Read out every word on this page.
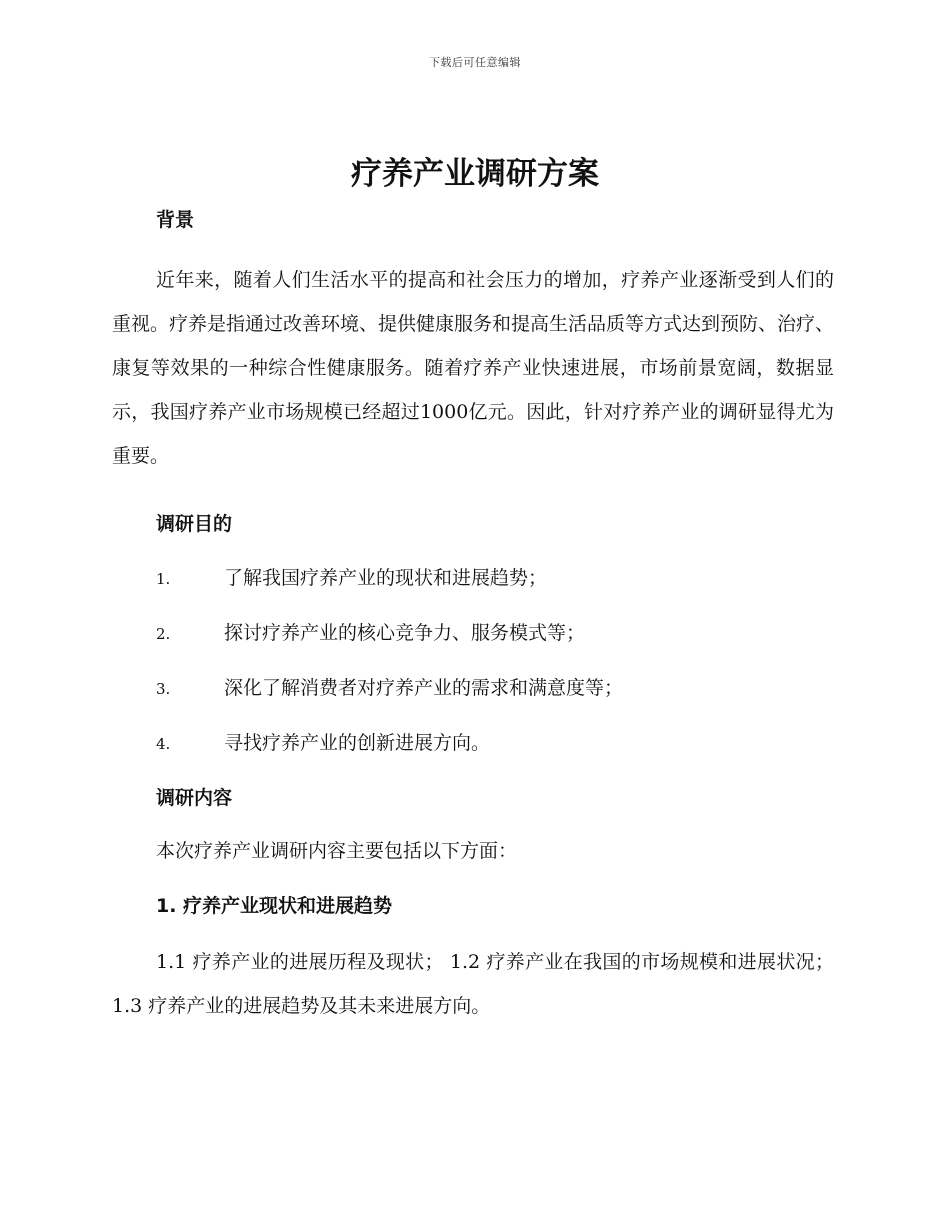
下载后可任意编辑
疗养产业调研方案
背景

近年来，随着人们生活水平的提高和社会压力的增加，疗养产业逐渐受到人们的重视。疗养是指通过改善环境、提供健康服务和提高生活品质等方式达到预防、治疗、康复等效果的一种综合性健康服务。随着疗养产业快速进展，市场前景宽阔，数据显示，我国疗养产业市场规模已经超过1000亿元。因此，针对疗养产业的调研显得尤为重要。

调研目的
1.	了解我国疗养产业的现状和进展趋势；
2.	探讨疗养产业的核心竞争力、服务模式等；
3.	深化了解消费者对疗养产业的需求和满意度等；
4.	寻找疗养产业的创新进展方向。
调研内容

本次疗养产业调研内容主要包括以下方面：

1. 疗养产业现状和进展趋势

1.1 疗养产业的进展历程及现状； 1.2 疗养产业在我国的市场规模和进展状况； 1.3 疗养产业的进展趋势及其未来进展方向。
